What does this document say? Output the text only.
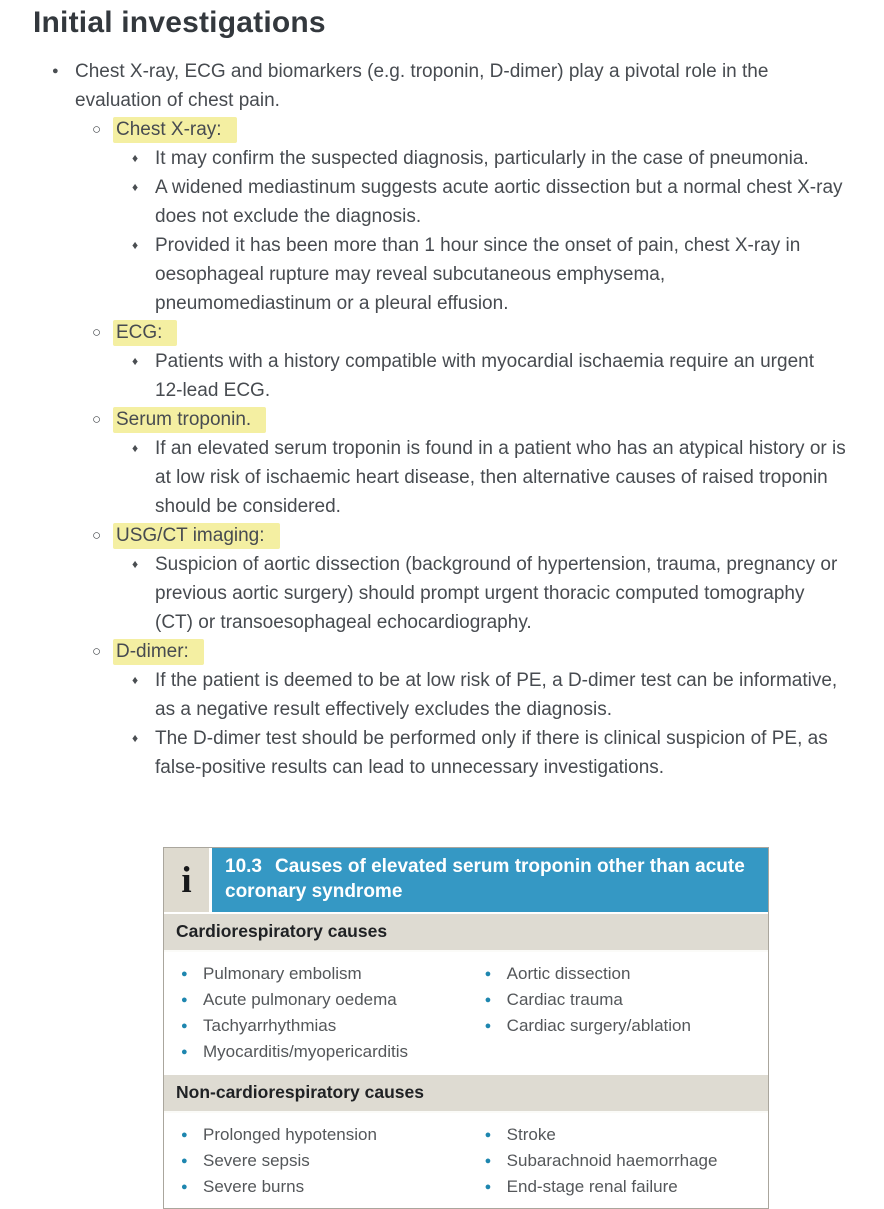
Initial investigations
● Chest X-ray, ECG and biomarkers (e.g. troponin, D-dimer) play a pivotal role in the evaluation of chest pain.
○ Chest X-ray:
♦ It may confirm the suspected diagnosis, particularly in the case of pneumonia.
♦ A widened mediastinum suggests acute aortic dissection but a normal chest X-ray does not exclude the diagnosis.
♦ Provided it has been more than 1 hour since the onset of pain, chest X-ray in oesophageal rupture may reveal subcutaneous emphysema, pneumomediastinum or a pleural effusion.
○ ECG:
♦ Patients with a history compatible with myocardial ischaemia require an urgent 12-lead ECG.
○ Serum troponin.
♦ If an elevated serum troponin is found in a patient who has an atypical history or is at low risk of ischaemic heart disease, then alternative causes of raised troponin should be considered.
○ USG/CT imaging:
♦ Suspicion of aortic dissection (background of hypertension, trauma, pregnancy or previous aortic surgery) should prompt urgent thoracic computed tomography (CT) or transoesophageal echocardiography.
○ D-dimer:
♦ If the patient is deemed to be at low risk of PE, a D-dimer test can be informative, as a negative result effectively excludes the diagnosis.
♦ The D-dimer test should be performed only if there is clinical suspicion of PE, as false-positive results can lead to unnecessary investigations.
i	10.3 Causes of elevated serum troponin other than acute coronary syndrome
Cardiorespiratory causes
● Pulmonary embolism
● Acute pulmonary oedema
● Tachyarrhythmias
● Myocarditis/myopericarditis
● Aortic dissection
● Cardiac trauma
● Cardiac surgery/ablation
Non-cardiorespiratory causes
● Prolonged hypotension
● Severe sepsis
● Severe burns
● Stroke
● Subarachnoid haemorrhage
● End-stage renal failure
